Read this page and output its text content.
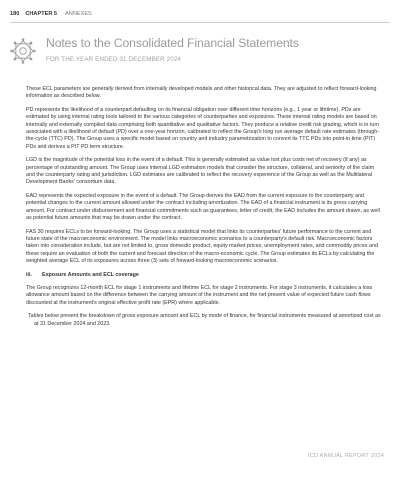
180 CHAPTER 5 ANNEXES
Notes to the Consolidated Financial Statements
FOR THE YEAR ENDED 31 DECEMBER 2024

These ECL parameters are generally derived from internally developed models and other historical data. They are adjusted to reflect forward-looking information as described below.

PD represents the likelihood of a counterpart defaulting on its financial obligation over different time horizons (e.g., 1 year or lifetime). PDs are estimated by using internal rating tools tailored to the various categories of counterparties and exposures. These internal rating models are based on internally and externally compiled data comprising both quantitative and qualitative factors. They produce a relative credit risk grading, which is in turn associated with a likelihood of default (PD) over a one-year horizon, calibrated to reflect the Group's long run average default rate estimates (through-the-cycle (TTC) PD). The Group uses a specific model based on country and industry parametrization to convert its TTC PDs into point-in time (PIT) PDs and derives a PIT PD term structure.

LGD is the magnitude of the potential loss in the event of a default. This is generally estimated as value lost plus costs net of recovery (if any) as percentage of outstanding amount. The Group uses internal LGD estimation models that consider the structure, collateral, and seniority of the claim and the counterparty rating and jurisdiction. LGD estimates are calibrated to reflect the recovery experience of the Group as well as the Multilateral Development Banks' consortium data.

EAD represents the expected exposure in the event of a default. The Group derives the EAD from the current exposure to the counterparty and potential changes to the current amount allowed under the contract including amortization. The EAD of a financial instrument is its gross carrying amount. For contract under disbursement and financial commitments such as guarantees, letter of credit, the EAD includes the amount drawn, as well as potential future amounts that may be drawn under the contract.

FAS 30 requires ECLs to be forward-looking. The Group uses a statistical model that links its counterparties' future performance to the current and future state of the macroeconomic environment. The model links macroeconomic scenarios to a counterparty's default risk. Macroeconomic factors taken into consideration include, but are not limited to, gross domestic product, equity market prices, unemployment rates, and commodity prices and these require an evaluation of both the current and forecast direction of the macro-economic cycle. The Group estimates its ECLs by calculating the weighted average ECL of its exposures across three (3) sets of forward-looking macroeconomic scenarios.

iii. Exposure Amounts and ECL coverage

The Group recognizes 12-month ECL for stage 1 instruments and lifetime ECL for stage 2 instruments. For stage 3 instruments, it calculates a loss allowance amount based on the difference between the carrying amount of the instrument and the net present value of expected future cash flows discounted at the instrument's original effective profit rate (EPR) where applicable.

Tables below present the breakdown of gross exposure amount and ECL by mode of finance, for financial instruments measured at amortized cost as at 31 December 2024 and 2023.

ICD ANNUAL REPORT 2024
